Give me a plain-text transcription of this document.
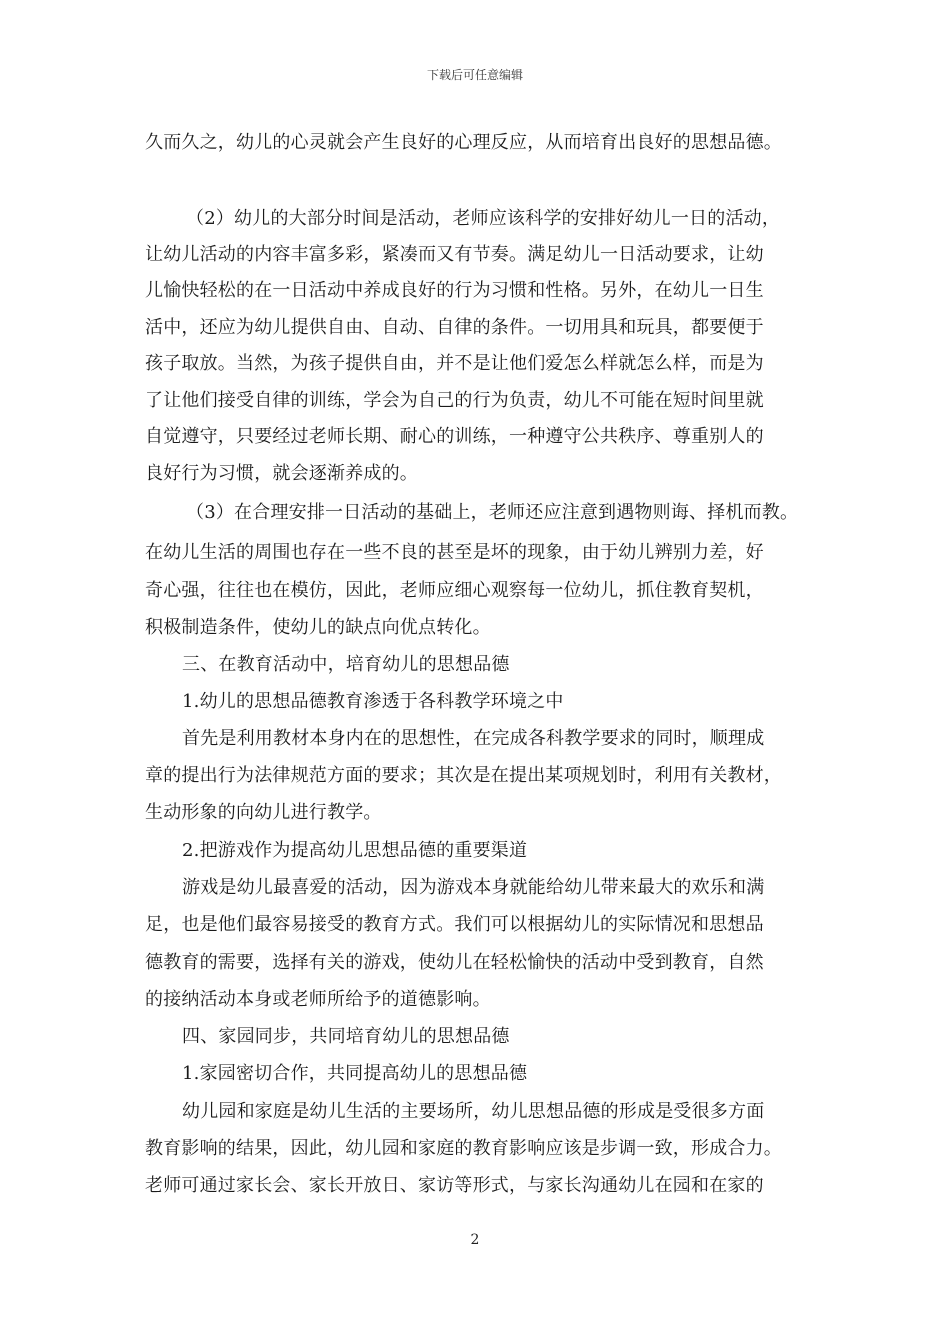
下载后可任意编辑
久而久之，幼儿的心灵就会产生良好的心理反应，从而培育出良好的思想品德。
（2）幼儿的大部分时间是活动，老师应该科学的安排好幼儿一日的活动，
让幼儿活动的内容丰富多彩，紧凑而又有节奏。满足幼儿一日活动要求，让幼
儿愉快轻松的在一日活动中养成良好的行为习惯和性格。另外，在幼儿一日生
活中，还应为幼儿提供自由、自动、自律的条件。一切用具和玩具，都要便于
孩子取放。当然，为孩子提供自由，并不是让他们爱怎么样就怎么样，而是为
了让他们接受自律的训练，学会为自己的行为负责，幼儿不可能在短时间里就
自觉遵守，只要经过老师长期、耐心的训练，一种遵守公共秩序、尊重别人的
良好行为习惯，就会逐渐养成的。
（3）在合理安排一日活动的基础上，老师还应注意到遇物则诲、择机而教。
在幼儿生活的周围也存在一些不良的甚至是坏的现象，由于幼儿辨别力差，好
奇心强，往往也在模仿，因此，老师应细心观察每一位幼儿，抓住教育契机，
积极制造条件，使幼儿的缺点向优点转化。
三、在教育活动中，培育幼儿的思想品德
1.幼儿的思想品德教育渗透于各科教学环境之中
首先是利用教材本身内在的思想性，在完成各科教学要求的同时，顺理成
章的提出行为法律规范方面的要求；其次是在提出某项规划时，利用有关教材，
生动形象的向幼儿进行教学。
2.把游戏作为提高幼儿思想品德的重要渠道
游戏是幼儿最喜爱的活动，因为游戏本身就能给幼儿带来最大的欢乐和满
足，也是他们最容易接受的教育方式。我们可以根据幼儿的实际情况和思想品
德教育的需要，选择有关的游戏，使幼儿在轻松愉快的活动中受到教育，自然
的接纳活动本身或老师所给予的道德影响。
四、家园同步，共同培育幼儿的思想品德
1.家园密切合作，共同提高幼儿的思想品德
幼儿园和家庭是幼儿生活的主要场所，幼儿思想品德的形成是受很多方面
教育影响的结果，因此，幼儿园和家庭的教育影响应该是步调一致，形成合力。
老师可通过家长会、家长开放日、家访等形式，与家长沟通幼儿在园和在家的
2
